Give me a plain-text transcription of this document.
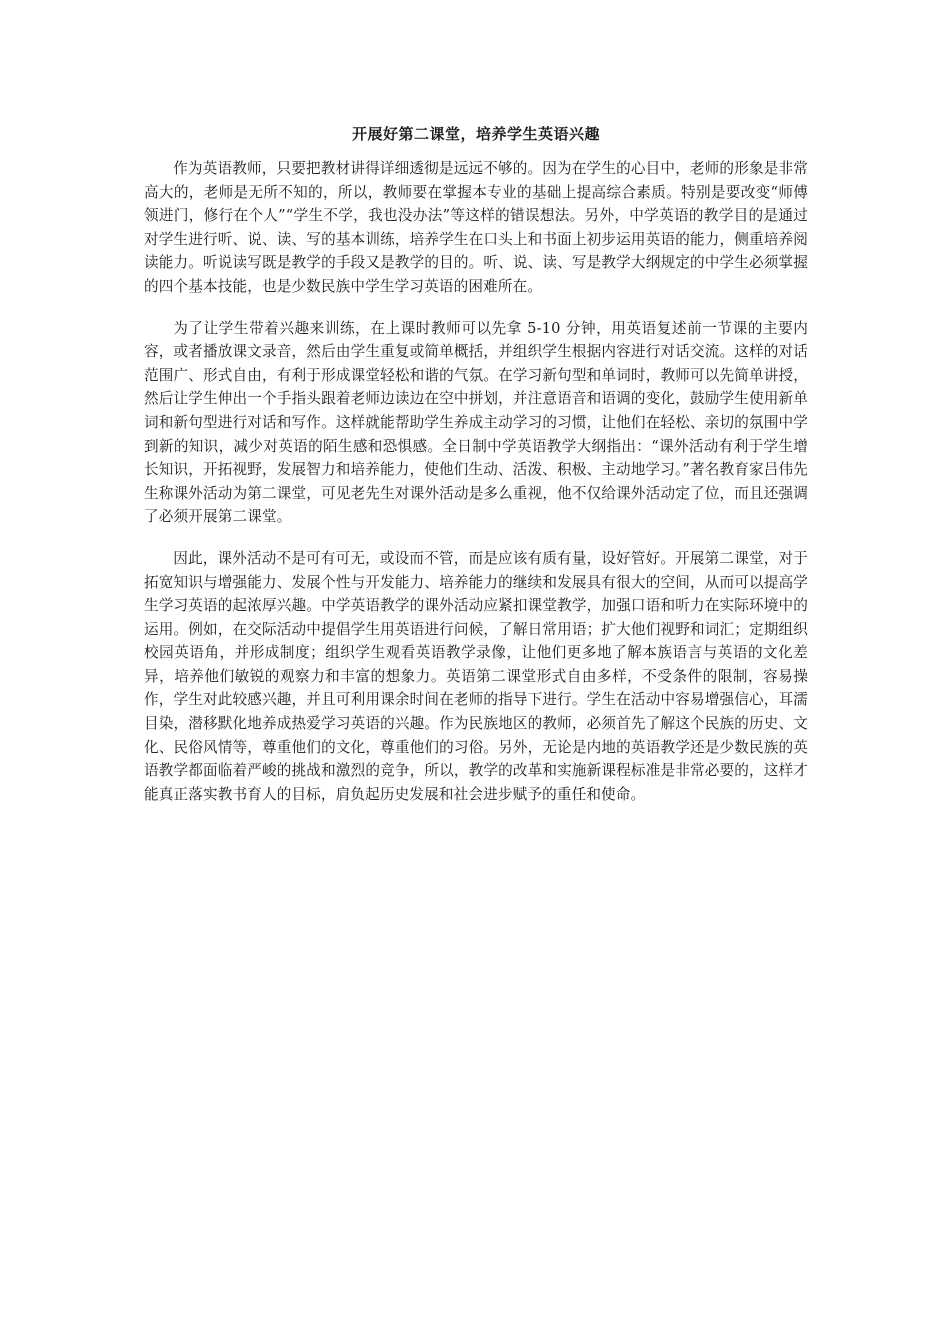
开展好第二课堂，培养学生英语兴趣

作为英语教师，只要把教材讲得详细透彻是远远不够的。因为在学生的心目中，老师的形象是非常高大的，老师是无所不知的，所以，教师要在掌握本专业的基础上提高综合素质。特别是要改变“师傅领进门，修行在个人”“学生不学，我也没办法”等这样的错误想法。另外，中学英语的教学目的是通过对学生进行听、说、读、写的基本训练，培养学生在口头上和书面上初步运用英语的能力，侧重培养阅读能力。听说读写既是教学的手段又是教学的目的。听、说、读、写是教学大纲规定的中学生必须掌握的四个基本技能，也是少数民族中学生学习英语的困难所在。

为了让学生带着兴趣来训练，在上课时教师可以先拿 5-10 分钟，用英语复述前一节课的主要内容，或者播放课文录音，然后由学生重复或简单概括，并组织学生根据内容进行对话交流。这样的对话范围广、形式自由，有利于形成课堂轻松和谐的气氛。在学习新句型和单词时，教师可以先简单讲授，然后让学生伸出一个手指头跟着老师边读边在空中拼划，并注意语音和语调的变化，鼓励学生使用新单词和新句型进行对话和写作。这样就能帮助学生养成主动学习的习惯，让他们在轻松、亲切的氛围中学到新的知识，减少对英语的陌生感和恐惧感。全日制中学英语教学大纲指出：“课外活动有利于学生增长知识，开拓视野，发展智力和培养能力，使他们生动、活泼、积极、主动地学习。”著名教育家吕伟先生称课外活动为第二课堂，可见老先生对课外活动是多么重视，他不仅给课外活动定了位，而且还强调了必须开展第二课堂。

因此，课外活动不是可有可无，或设而不管，而是应该有质有量，设好管好。开展第二课堂，对于拓宽知识与增强能力、发展个性与开发能力、培养能力的继续和发展具有很大的空间，从而可以提高学生学习英语的起浓厚兴趣。中学英语教学的课外活动应紧扣课堂教学，加强口语和听力在实际环境中的运用。例如，在交际活动中提倡学生用英语进行问候，了解日常用语；扩大他们视野和词汇；定期组织校园英语角，并形成制度；组织学生观看英语教学录像，让他们更多地了解本族语言与英语的文化差异，培养他们敏锐的观察力和丰富的想象力。英语第二课堂形式自由多样，不受条件的限制，容易操作，学生对此较感兴趣，并且可利用课余时间在老师的指导下进行。学生在活动中容易增强信心，耳濡目染，潜移默化地养成热爱学习英语的兴趣。作为民族地区的教师，必须首先了解这个民族的历史、文化、民俗风情等，尊重他们的文化，尊重他们的习俗。另外，无论是内地的英语教学还是少数民族的英语教学都面临着严峻的挑战和激烈的竞争，所以，教学的改革和实施新课程标准是非常必要的，这样才能真正落实教书育人的目标，肩负起历史发展和社会进步赋予的重任和使命。
